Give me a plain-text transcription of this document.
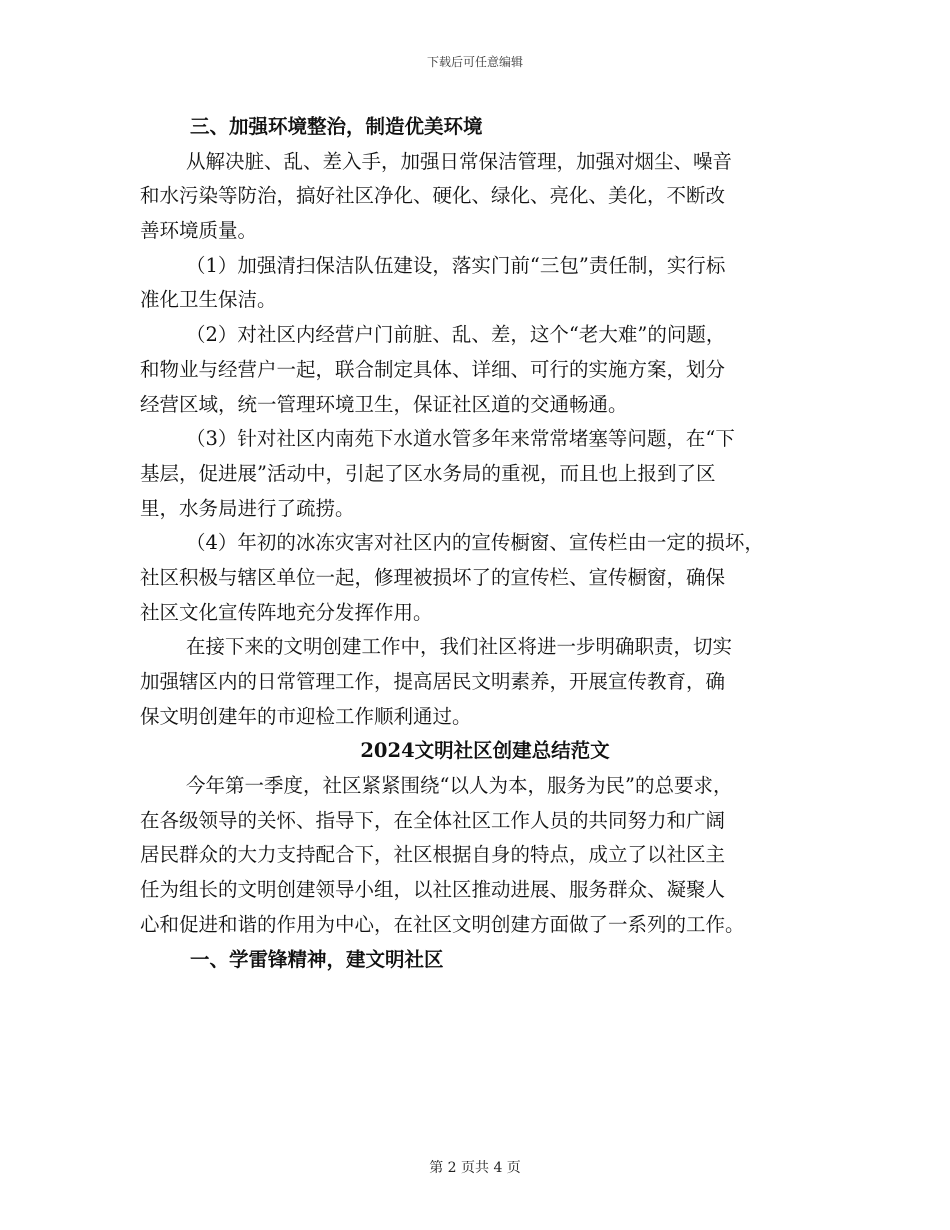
下载后可任意编辑
三、加强环境整治，制造优美环境
从解决脏、乱、差入手，加强日常保洁管理，加强对烟尘、噪音
和水污染等防治，搞好社区净化、硬化、绿化、亮化、美化，不断改
善环境质量。
（1）加强清扫保洁队伍建设，落实门前“三包”责任制，实行标
准化卫生保洁。
（2）对社区内经营户门前脏、乱、差，这个“老大难”的问题，
和物业与经营户一起，联合制定具体、详细、可行的实施方案，划分
经营区域，统一管理环境卫生，保证社区道的交通畅通。
（3）针对社区内南苑下水道水管多年来常常堵塞等问题，在“下
基层，促进展”活动中，引起了区水务局的重视，而且也上报到了区
里，水务局进行了疏捞。
（4）年初的冰冻灾害对社区内的宣传橱窗、宣传栏由一定的损坏，
社区积极与辖区单位一起，修理被损坏了的宣传栏、宣传橱窗，确保
社区文化宣传阵地充分发挥作用。
在接下来的文明创建工作中，我们社区将进一步明确职责，切实
加强辖区内的日常管理工作，提高居民文明素养，开展宣传教育，确
保文明创建年的市迎检工作顺利通过。
2024文明社区创建总结范文
今年第一季度，社区紧紧围绕“以人为本，服务为民”的总要求，
在各级领导的关怀、指导下，在全体社区工作人员的共同努力和广阔
居民群众的大力支持配合下，社区根据自身的特点，成立了以社区主
任为组长的文明创建领导小组，以社区推动进展、服务群众、凝聚人
心和促进和谐的作用为中心，在社区文明创建方面做了一系列的工作。
一、学雷锋精神，建文明社区
第 2 页共 4 页
